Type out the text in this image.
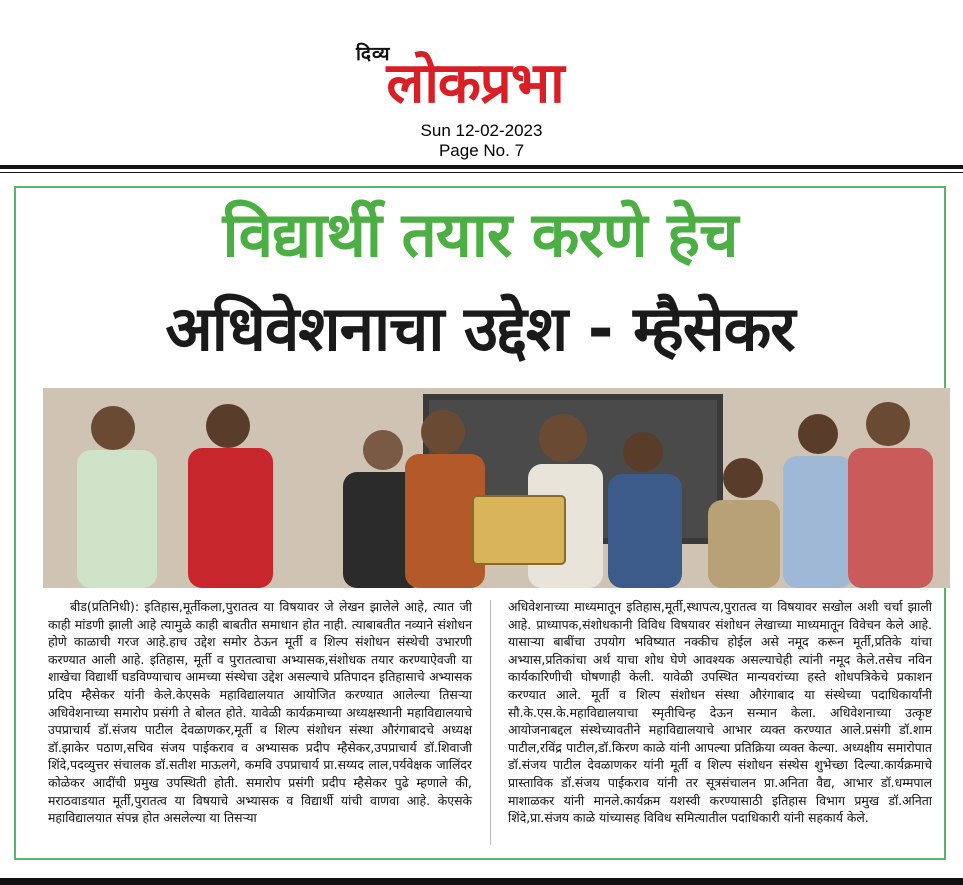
दिव्य
लोकप्रभा
Sun 12-02-2023
Page No. 7
विद्यार्थी तयार करणे हेच
अधिवेशनाचा उद्देश - म्हैसेकर
बीड(प्रतिनिधी): इतिहास,मूर्तीकला,पुरातत्व या विषयावर जे लेखन झालेले आहे, त्यात जी काही मांडणी झाली आहे त्यामुळे काही बाबतीत समाधान होत नाही. त्याबाबतीत नव्याने संशोधन होणे काळाची गरज आहे.हाच उद्देश समोर ठेऊन मूर्ती व शिल्प संशोधन संस्थेची उभारणी करण्यात आली आहे. इतिहास, मूर्ती व पुरातत्वाचा अभ्यासक,संशोधक तयार करण्याऐवजी या शाखेचा विद्यार्थी घडविण्याचाच आमच्या संस्थेचा उद्देश असल्याचे प्रतिपादन इतिहासाचे अभ्यासक प्रदिप म्हैसेकर यांनी केले.केएसके महाविद्यालयात आयोजित करण्यात आलेल्या तिसऱ्या अधिवेशनाच्या समारोप प्रसंगी ते बोलत होते. यावेळी कार्यक्रमाच्या अध्यक्षस्थानी महाविद्यालयाचे उपप्राचार्य डॉ.संजय पाटील देवळाणकर,मूर्ती व शिल्प संशोधन संस्था औरंगाबादचे अध्यक्ष डॉ.झाकेर पठाण,सचिव संजय पाईकराव व अभ्यासक प्रदीप म्हैसेकर,उपप्राचार्य डॉ.शिवाजी शिंदे,पदव्युत्तर संचालक डॉ.सतीश माऊलगे, कमवि उपप्राचार्य प्रा.सय्यद लाल,पर्यवेक्षक जालिंदर कोळेकर आदींची प्रमुख उपस्थिती होती. समारोप प्रसंगी प्रदीप म्हैसेकर पुढे म्हणाले की, मराठवाडयात मूर्ती,पुरातत्व या विषयाचे अभ्यासक व विद्यार्थी यांची वाणवा आहे. केएसके महाविद्यालयात संपन्न होत असलेल्या या तिसऱ्या
अधिवेशनाच्या माध्यमातून इतिहास,मूर्ती,स्थापत्य,पुरातत्व या विषयावर सखोल अशी चर्चा झाली आहे. प्राध्यापक,संशोधकानी विविध विषयावर संशोधन लेखाच्या माध्यमातून विवेचन केले आहे. यासाऱ्या बाबींचा उपयोग भविष्यात नक्कीच होईल असे नमूद करून मूर्ती,प्रतिके यांचा अभ्यास,प्रतिकांचा अर्थ याचा शोध घेणे आवश्यक असल्याचेही त्यांनी नमूद केले.तसेच नविन कार्यकारिणीची घोषणाही केली. यावेळी उपस्थित मान्यवरांच्या हस्ते शोधपत्रिकेचे प्रकाशन करण्यात आले. मूर्ती व शिल्प संशोधन संस्था औरंगाबाद या संस्थेच्या पदाधिकार्यांनी सौ.के.एस.के.महाविद्यालयाचा स्मृतीचिन्ह देऊन सन्मान केला. अधिवेशनाच्या उत्कृष्ट आयोजनाबद्दल संस्थेच्यावतीने महाविद्यालयाचे आभार व्यक्त करण्यात आले.प्रसंगी डॉ.शाम पाटील,रविंद्र पाटील,डॉ.किरण काळे यांनी आपल्या प्रतिक्रिया व्यक्त केल्या. अध्यक्षीय समारोपात डॉ.संजय पाटील देवळाणकर यांनी मूर्ती व शिल्प संशोधन संस्थेस शुभेच्छा दिल्या.कार्यक्रमाचे प्रास्ताविक डॉ.संजय पाईकराव यांनी तर सूत्रसंचालन प्रा.अनिता वैद्य, आभार डॉ.धम्मपाल माशाळकर यांनी मानले.कार्यक्रम यशस्वी करण्यासाठी इतिहास विभाग प्रमुख डॉ.अनिता शिंदे,प्रा.संजय काळे यांच्यासह विविध समित्यातील पदाधिकारी यांनी सहकार्य केले.
